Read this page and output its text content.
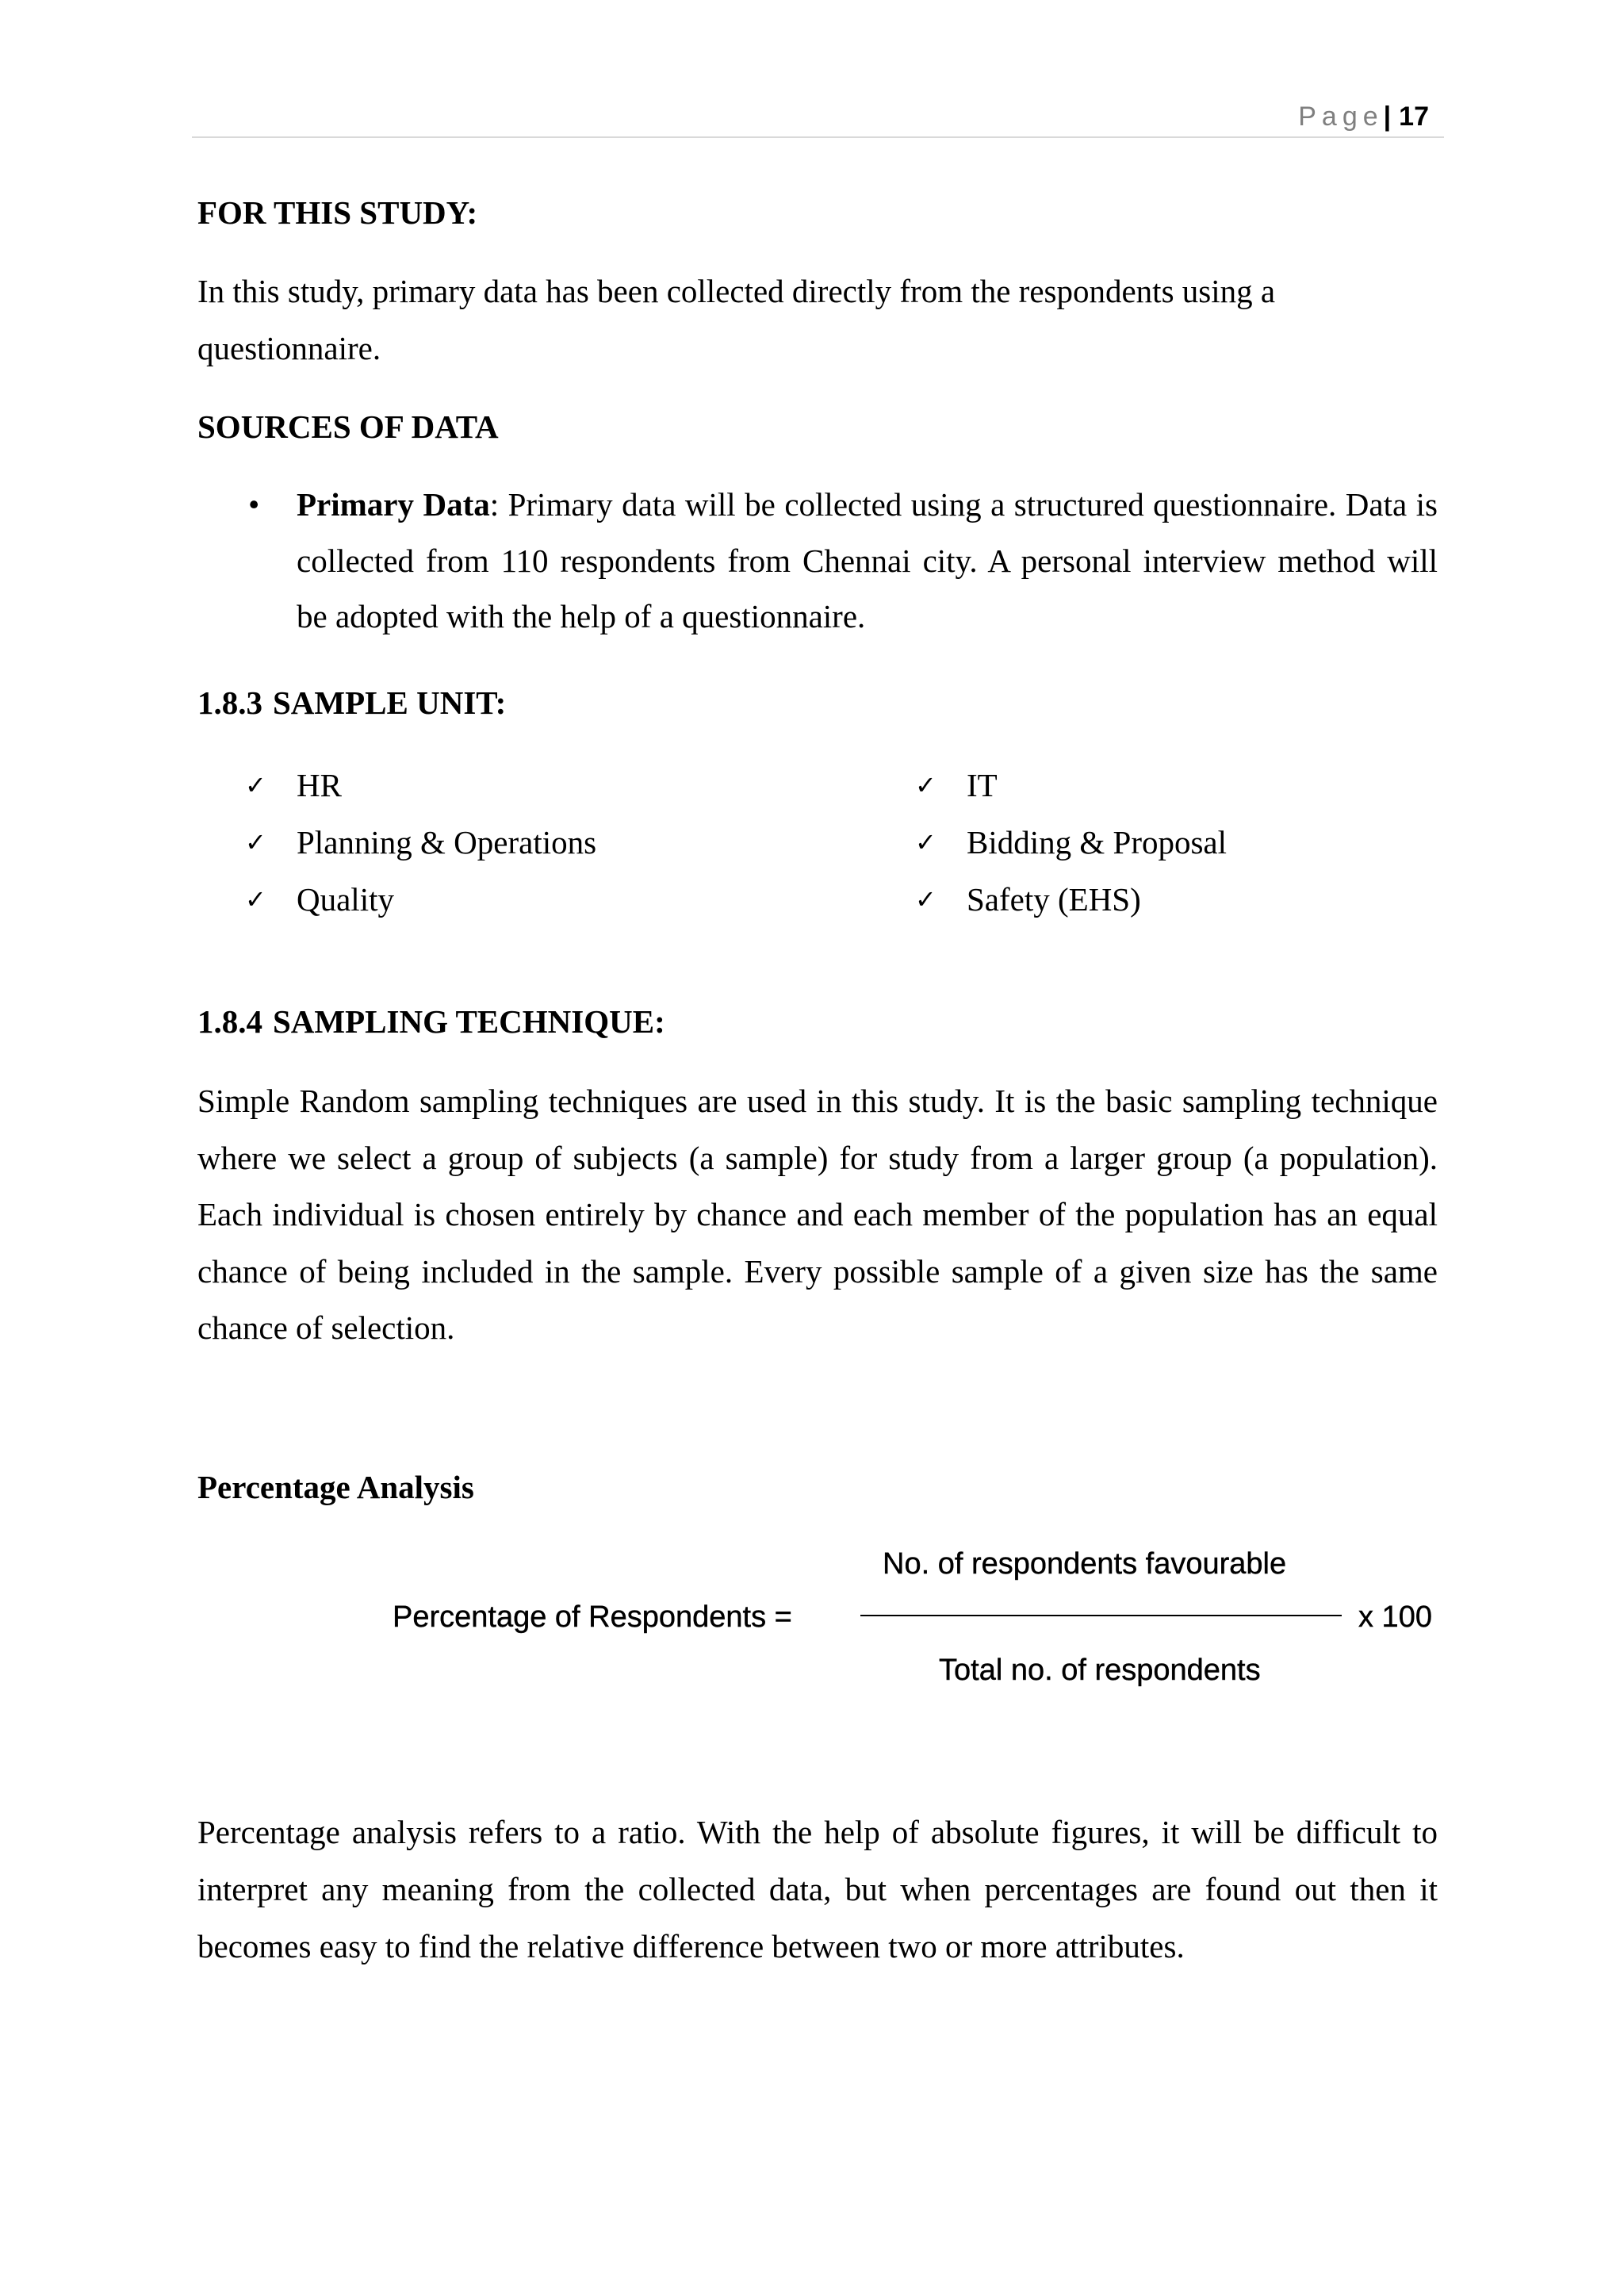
Page| 17
FOR THIS STUDY:
In this study, primary data has been collected directly from the respondents using a
questionnaire.
SOURCES OF DATA
• Primary Data: Primary data will be collected using a structured questionnaire. Data is
collected from 110 respondents from Chennai city. A personal interview method will
be adopted with the help of a questionnaire.
1.8.3 SAMPLE UNIT:
✓ HR
✓ Planning & Operations
✓ Quality
✓ IT
✓ Bidding & Proposal
✓ Safety (EHS)
1.8.4 SAMPLING TECHNIQUE:
Simple Random sampling techniques are used in this study. It is the basic sampling technique
where we select a group of subjects (a sample) for study from a larger group (a population).
Each individual is chosen entirely by chance and each member of the population has an equal
chance of being included in the sample. Every possible sample of a given size has the same
chance of selection.
Percentage Analysis
No. of respondents favourable
Percentage of Respondents =	x 100
Total no. of respondents
Percentage analysis refers to a ratio. With the help of absolute figures, it will be difficult to
interpret any meaning from the collected data, but when percentages are found out then it
becomes easy to find the relative difference between two or more attributes.
